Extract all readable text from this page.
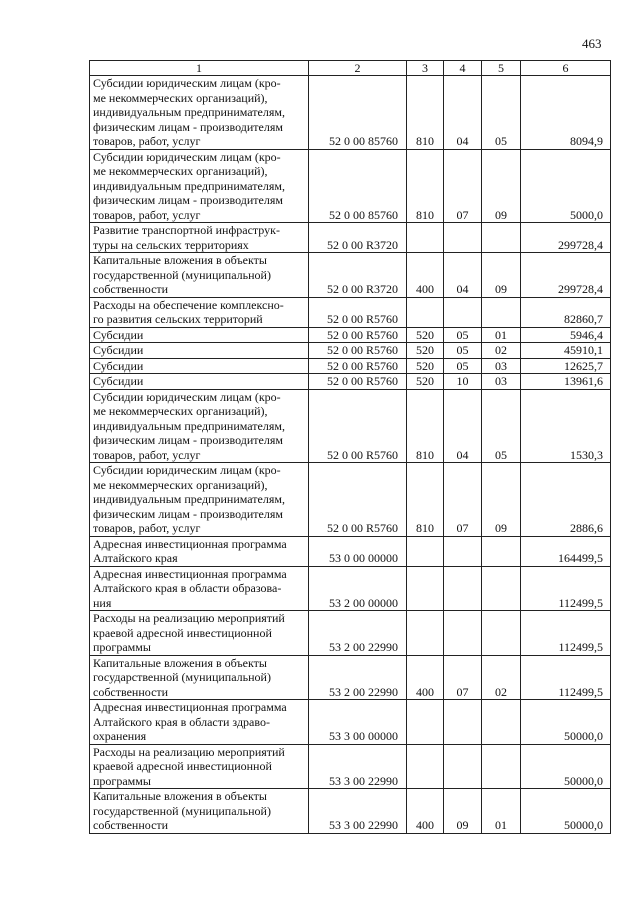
463
1	2	3	4	5	6

Субсидии юридическим лицам (кро-
ме некоммерческих организаций),
индивидуальным предпринимателям,
физическим лицам - производителям
товаров, работ, услуг	52 0 00 85760	810	04	05	8094,9

Субсидии юридическим лицам (кро-
ме некоммерческих организаций),
индивидуальным предпринимателям,
физическим лицам - производителям
товаров, работ, услуг	52 0 00 85760	810	07	09	5000,0

Развитие транспортной инфраструк-
туры на сельских территориях	52 0 00 R3720				299728,4

Капитальные вложения в объекты
государственной (муниципальной)
собственности	52 0 00 R3720	400	04	09	299728,4

Расходы на обеспечение комплексно-
го развития сельских территорий	52 0 00 R5760				82860,7
Субсидии	52 0 00 R5760	520	05	01	5946,4
Субсидии	52 0 00 R5760	520	05	02	45910,1
Субсидии	52 0 00 R5760	520	05	03	12625,7
Субсидии	52 0 00 R5760	520	10	03	13961,6

Субсидии юридическим лицам (кро-
ме некоммерческих организаций),
индивидуальным предпринимателям,
физическим лицам - производителям
товаров, работ, услуг	52 0 00 R5760	810	04	05	1530,3

Субсидии юридическим лицам (кро-
ме некоммерческих организаций),
индивидуальным предпринимателям,
физическим лицам - производителям
товаров, работ, услуг	52 0 00 R5760	810	07	09	2886,6

Адресная инвестиционная программа
Алтайского края	53 0 00 00000				164499,5

Адресная инвестиционная программа
Алтайского края в области образова-
ния	53 2 00 00000				112499,5

Расходы на реализацию мероприятий
краевой адресной инвестиционной
программы	53 2 00 22990				112499,5

Капитальные вложения в объекты
государственной (муниципальной)
собственности	53 2 00 22990	400	07	02	112499,5

Адресная инвестиционная программа
Алтайского края в области здраво-
охранения	53 3 00 00000				50000,0

Расходы на реализацию мероприятий
краевой адресной инвестиционной
программы	53 3 00 22990				50000,0

Капитальные вложения в объекты
государственной (муниципальной)
собственности	53 3 00 22990	400	09	01	50000,0
